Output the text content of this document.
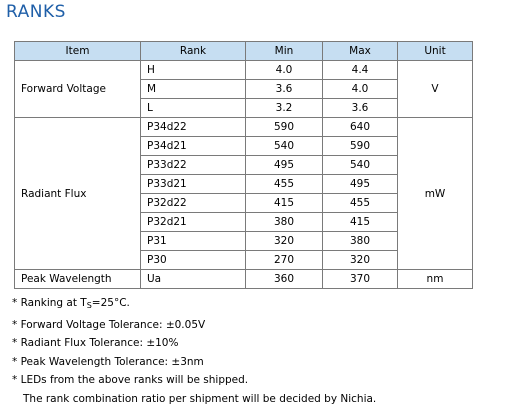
RANKS
Item	Rank	Min	Max	Unit
Forward Voltage	H	4.0	4.4	V
	M	3.6	4.0	
	L	3.2	3.6	
Radiant Flux	P34d22	590	640	mW
	P34d21	540	590	
	P33d22	495	540	
	P33d21	455	495	
	P32d22	415	455	
	P32d21	380	415	
	P31	320	380	
	P30	270	320	
Peak Wavelength	Ua	360	370	nm
* Ranking at $T_S=25^\circ C$.
* Forward Voltage Tolerance: ±0.05V
* Radiant Flux Tolerance: ±10%
* Peak Wavelength Tolerance: ±3nm
* LEDs from the above ranks will be shipped.
The rank combination ratio per shipment will be decided by Nichia.
